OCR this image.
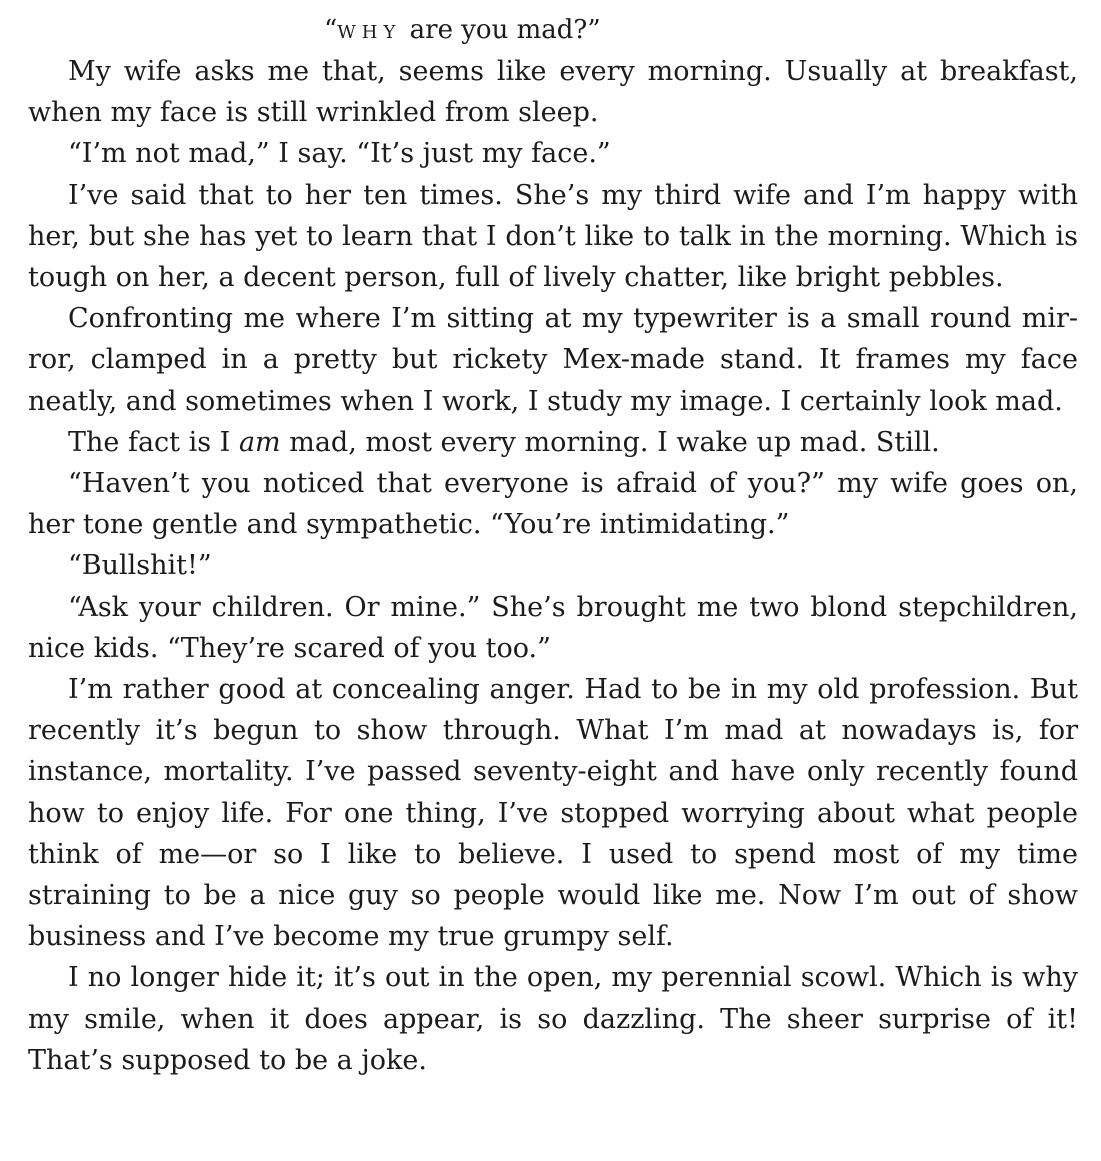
“WHY are you mad?”

My wife asks me that, seems like every morning. Usually at breakfast, when my face is still wrinkled from sleep.

“I’m not mad,” I say. “It’s just my face.”

I’ve said that to her ten times. She’s my third wife and I’m happy with her, but she has yet to learn that I don’t like to talk in the morning. Which is tough on her, a decent person, full of lively chatter, like bright pebbles.

Confronting me where I’m sitting at my typewriter is a small round mirror, clamped in a pretty but rickety Mex-made stand. It frames my face neatly, and sometimes when I work, I study my image. I certainly look mad.

The fact is I am mad, most every morning. I wake up mad. Still.

“Haven’t you noticed that everyone is afraid of you?” my wife goes on, her tone gentle and sympathetic. “You’re intimidating.”

“Bullshit!”

“Ask your children. Or mine.” She’s brought me two blond stepchildren, nice kids. “They’re scared of you too.”

I’m rather good at concealing anger. Had to be in my old profession. But recently it’s begun to show through. What I’m mad at nowadays is, for instance, mortality. I’ve passed seventy-eight and have only recently found how to enjoy life. For one thing, I’ve stopped worrying about what people think of me—or so I like to believe. I used to spend most of my time straining to be a nice guy so people would like me. Now I’m out of show business and I’ve become my true grumpy self.

I no longer hide it; it’s out in the open, my perennial scowl. Which is why my smile, when it does appear, is so dazzling. The sheer surprise of it! That’s supposed to be a joke.
